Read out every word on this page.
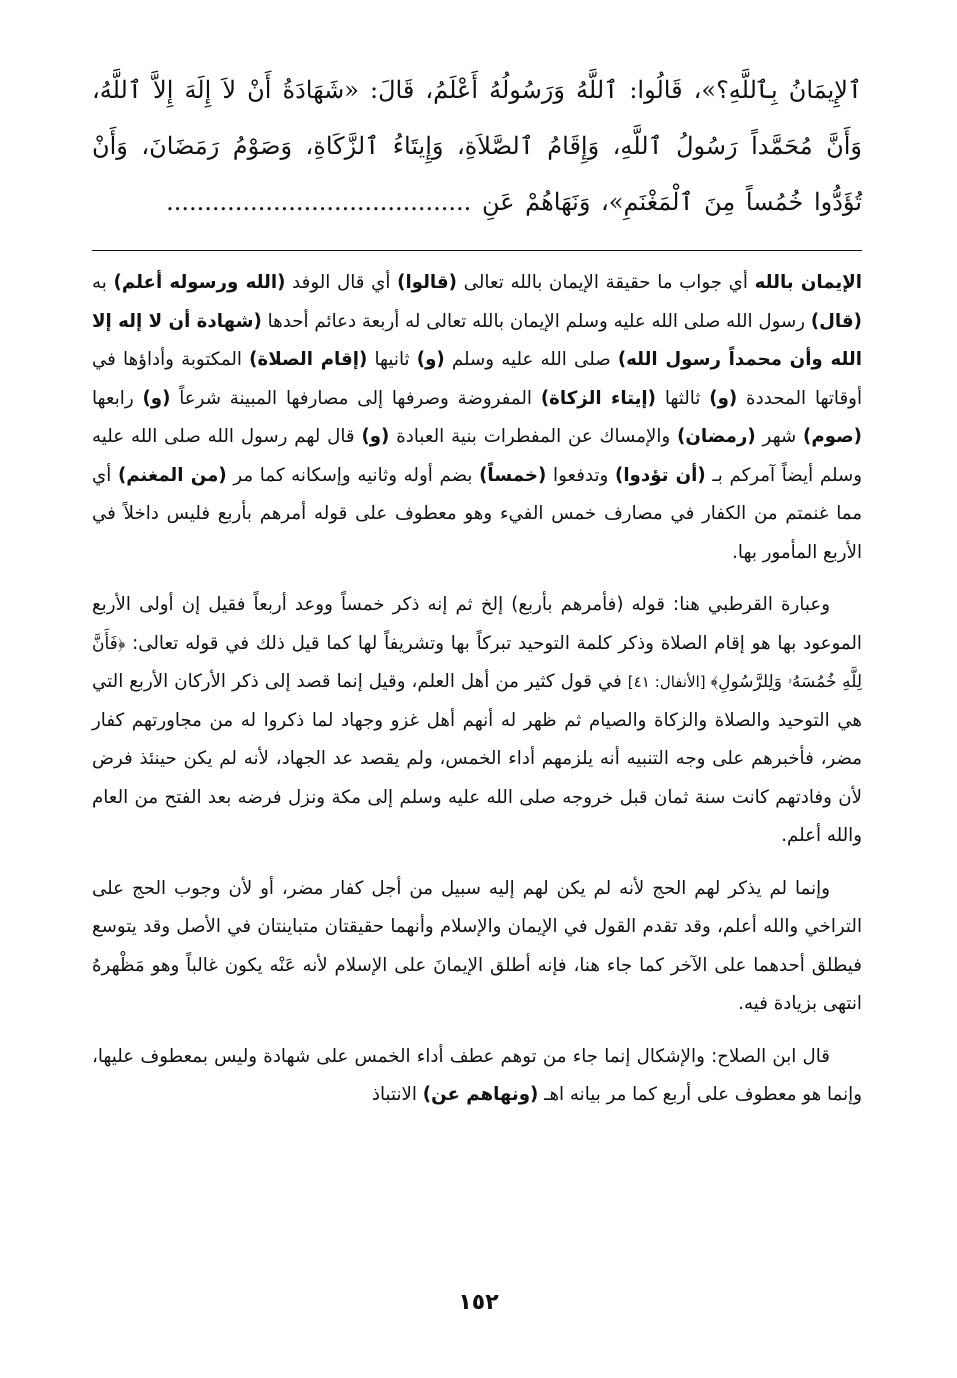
ٱلإِيمَانُ بِٱللَّهِ؟»، قَالُوا: ٱللَّهُ وَرَسُولُهُ أَعْلَمُ، قَالَ: «شَهَادَةُ أَنْ لاَ إِلَهَ إِلاَّ ٱللَّهُ، وَأَنَّ مُحَمَّداً رَسُولُ ٱللَّهِ، وَإِقَامُ ٱلصَّلاَةِ، وَإِيتَاءُ ٱلزَّكَاةِ، وَصَوْمُ رَمَضَانَ، وَأَنْ تُؤَدُّوا خُمُساً مِنَ ٱلْمَغْنَمِ»، وَنَهَاهُمْ عَنِ ........................................

الإيمان بالله أي جواب ما حقيقة الإيمان بالله تعالى (قالوا) أي قال الوفد (الله ورسوله أعلم) به (قال) رسول الله صلى الله عليه وسلم الإيمان بالله تعالى له أربعة دعائم أحدها (شهادة أن لا إله إلا الله وأن محمداً رسول الله) صلى الله عليه وسلم (و) ثانيها (إقام الصلاة) المكتوبة وأداؤها في أوقاتها المحددة (و) ثالثها (إيتاء الزكاة) المفروضة وصرفها إلى مصارفها المبينة شرعاً (و) رابعها (صوم) شهر (رمضان) والإمساك عن المفطرات بنية العبادة (و) قال لهم رسول الله صلى الله عليه وسلم أيضاً آمركم بـ (أن تؤدوا) وتدفعوا (خمساً) بضم أوله وثانيه وإسكانه كما مر (من المغنم) أي مما غنمتم من الكفار في مصارف خمس الفيء وهو معطوف على قوله أمرهم بأربع فليس داخلاً في الأربع المأمور بها.

وعبارة القرطبي هنا: قوله (فأمرهم بأربع) إلخ ثم إنه ذكر خمساً ووعد أربعاً فقيل إن أولى الأربع الموعود بها هو إقام الصلاة وذكر كلمة التوحيد تبركاً بها وتشريفاً لها كما قيل ذلك في قوله تعالى: ﴿فَأَنَّ لِلَّهِ خُمُسَهُۥ وَلِلرَّسُولِ﴾ [الأنفال: ٤١] في قول كثير من أهل العلم، وقيل إنما قصد إلى ذكر الأركان الأربع التي هي التوحيد والصلاة والزكاة والصيام ثم ظهر له أنهم أهل غزو وجهاد لما ذكروا له من مجاورتهم كفار مضر، فأخبرهم على وجه التنبيه أنه يلزمهم أداء الخمس، ولم يقصد عد الجهاد، لأنه لم يكن حينئذ فرض لأن وفادتهم كانت سنة ثمان قبل خروجه صلى الله عليه وسلم إلى مكة ونزل فرضه بعد الفتح من العام والله أعلم.

وإنما لم يذكر لهم الحج لأنه لم يكن لهم إليه سبيل من أجل كفار مضر، أو لأن وجوب الحج على التراخي والله أعلم، وقد تقدم القول في الإيمان والإسلام وأنهما حقيقتان متباينتان في الأصل وقد يتوسع فيطلق أحدهما على الآخر كما جاء هنا، فإنه أطلق الإيمانَ على الإسلام لأنه عَنْه يكون غالباً وهو مَظْهرهُ انتهى بزيادة فيه.

قال ابن الصلاح: والإشكال إنما جاء من توهم عطف أداء الخمس على شهادة وليس بمعطوف عليها، وإنما هو معطوف على أربع كما مر بيانه اهـ (ونهاهم عن) الانتباذ

١٥٢
